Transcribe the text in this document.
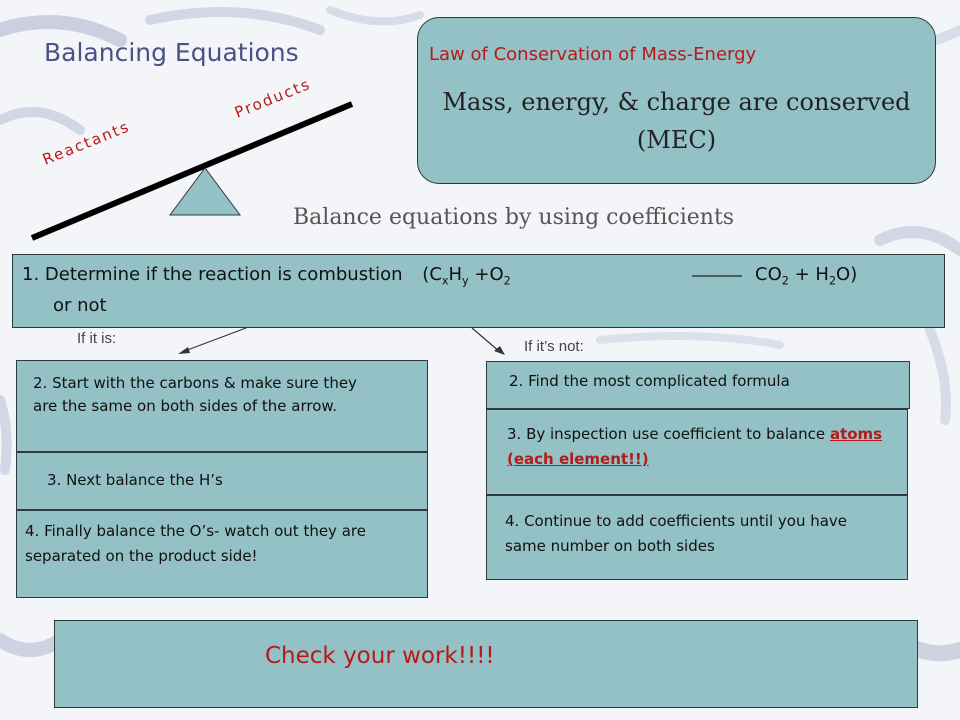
Balancing Equations
Reactants
Products
Law of Conservation of Mass-Energy
Mass, energy, & charge are conserved
(MEC)
Balance equations by using coefficients
1. Determine if the reaction is combustion ($C_xH_y +O_2$	$CO_2 + H_2O$)
or not
If it is:	If it’s not:
2. Start with the carbons & make sure they are the same on both sides of the arrow.
3. Next balance the H’s
4. Finally balance the O’s- watch out they are separated on the product side!
2. Find the most complicated formula
3. By inspection use coefficient to balance atoms (each element!!)
4. Continue to add coefficients until you have same number on both sides
Check your work!!!!
